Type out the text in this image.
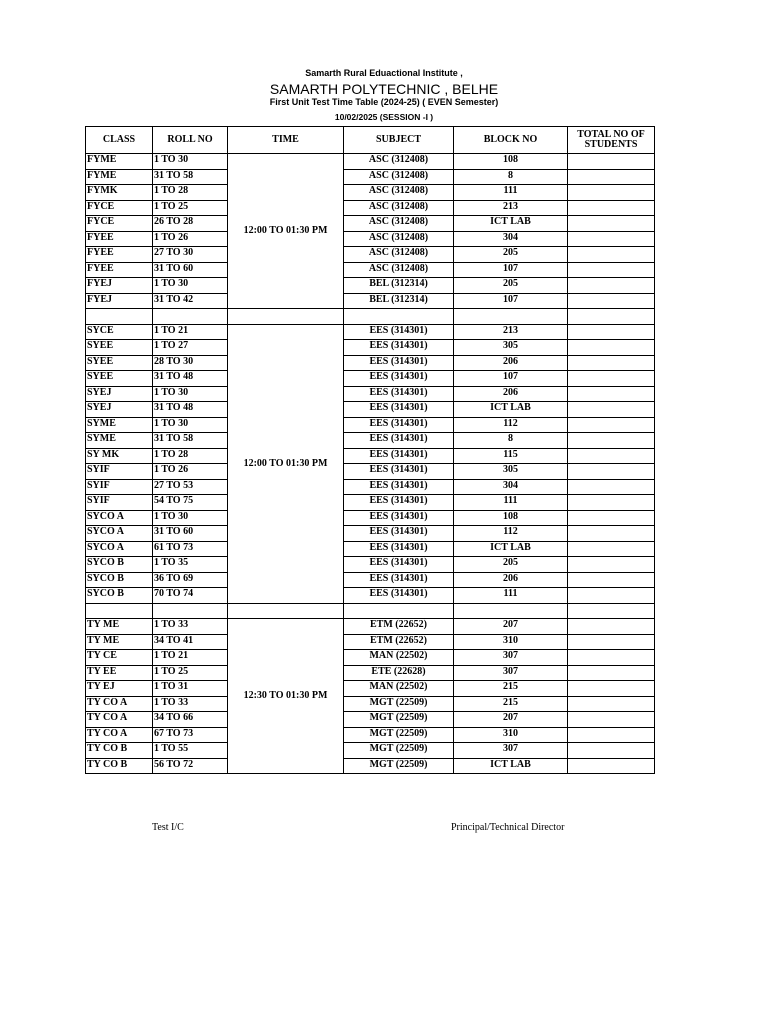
Samarth Rural Eduactional Institute ,
SAMARTH POLYTECHNIC , BELHE
First Unit Test Time Table (2024-25) ( EVEN Semester)
10/02/2025 (SESSION -I )
CLASS	ROLL NO	TIME	SUBJECT	BLOCK NO	TOTAL NO OF STUDENTS
FYME	1 TO 30	12:00 TO 01:30 PM	ASC (312408)	108	
FYME	31 TO 58		ASC (312408)	8	
FYMK	1 TO 28		ASC (312408)	111	
FYCE	1 TO 25		ASC (312408)	213	
FYCE	26 TO 28		ASC (312408)	ICT LAB	
FYEE	1 TO 26		ASC (312408)	304	
FYEE	27 TO 30		ASC (312408)	205	
FYEE	31 TO 60		ASC (312408)	107	
FYEJ	1 TO 30		BEL (312314)	205	
FYEJ	31 TO 42		BEL (312314)	107	

SYCE	1 TO 21	12:00 TO 01:30 PM	EES (314301)	213	
SYEE	1 TO 27		EES (314301)	305	
SYEE	28 TO 30		EES (314301)	206	
SYEE	31 TO 48		EES (314301)	107	
SYEJ	1 TO 30		EES (314301)	206	
SYEJ	31 TO 48		EES (314301)	ICT LAB	
SYME	1 TO 30		EES (314301)	112	
SYME	31 TO 58		EES (314301)	8	
SY MK	1 TO 28		EES (314301)	115	
SYIF	1 TO 26		EES (314301)	305	
SYIF	27 TO 53		EES (314301)	304	
SYIF	54 TO 75		EES (314301)	111	
SYCO A	1 TO 30		EES (314301)	108	
SYCO A	31 TO 60		EES (314301)	112	
SYCO A	61 TO 73		EES (314301)	ICT LAB	
SYCO B	1 TO 35		EES (314301)	205	
SYCO B	36 TO 69		EES (314301)	206	
SYCO B	70 TO 74		EES (314301)	111	

TY ME	1 TO 33	12:30 TO 01:30 PM	ETM (22652)	207	
TY ME	34 TO 41		ETM (22652)	310	
TY CE	1 TO 21		MAN (22502)	307	
TY EE	1 TO 25		ETE (22628)	307	
TY EJ	1 TO 31		MAN (22502)	215	
TY CO A	1 TO 33		MGT (22509)	215	
TY CO A	34 TO 66		MGT (22509)	207	
TY CO A	67 TO 73		MGT (22509)	310	
TY CO B	1 TO 55		MGT (22509)	307	
TY CO B	56 TO 72		MGT (22509)	ICT LAB	
Test I/C	Principal/Technical Director
